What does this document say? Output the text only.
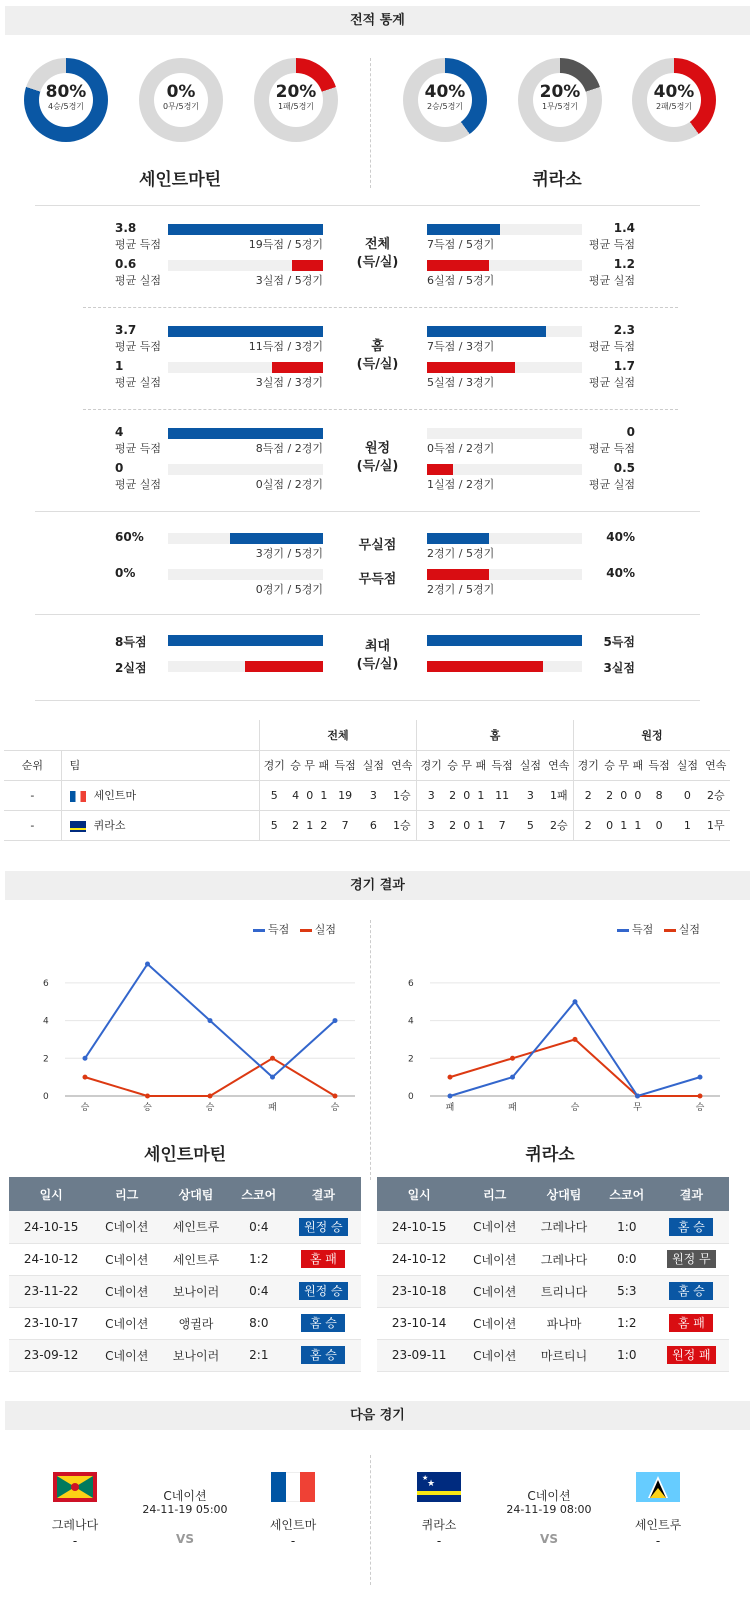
전적 통계
80%
4승/5경기
0%
0무/5경기
20%
1패/5경기
40%
2승/5경기
20%
1무/5경기
40%
2패/5경기
세인트마틴	퀴라소
3.8
평균 득점	19득점 / 5경기
1.4
평균 득점
7득점 / 5경기
0.6
평균 실점	3실점 / 5경기
1.2
평균 실점
6실점 / 5경기
전체
(득/실)
3.7
평균 득점	11득점 / 3경기
2.3
평균 득점
7득점 / 3경기
1
평균 실점	3실점 / 3경기
1.7
평균 실점
5실점 / 3경기
홈
(득/실)
4
평균 득점	8득점 / 2경기
0
평균 득점
0득점 / 2경기
0
평균 실점	0실점 / 2경기
0.5
평균 실점
1실점 / 2경기
원정
(득/실)
60%
3경기 / 5경기
40%
2경기 / 5경기
0%
0경기 / 5경기
40%
2경기 / 5경기
무실점
무득점
8득점	5득점
2실점	3실점
최대
(득/실)
		전체							홈							원정						
순위	팀	경기	승	무	패	득점	실점	연속	경기	승	무	패	득점	실점	연속	경기	승	무	패	득점	실점	연속
-	세인트마	5	4	0	1	19	3	1승	3	2	0	1	11	3	1패	2	2	0	0	8	0	2승
-	퀴라소	5	2	1	2	7	6	1승	3	2	0	1	7	5	2승	2	0	1	1	0	1	1무
경기 결과
득점 실점	득점 실점
0
2
4
6
승	승	승	패	승
0
2
4
6
패	패	승	무	승
세인트마틴	퀴라소
일시	리그	상대팀	스코어	결과
24-10-15	C네이션	세인트루	0:4	원정 승
24-10-12	C네이션	세인트루	1:2	홈 패
23-11-22	C네이션	보나이러	0:4	원정 승
23-10-17	C네이션	앵귈라	8:0	홈 승
23-09-12	C네이션	보나이러	2:1	홈 승
일시	리그	상대팀	스코어	결과
24-10-15	C네이션	그레나다	1:0	홈 승
24-10-12	C네이션	그레나다	0:0	원정 무
23-10-18	C네이션	트리니다	5:3	홈 승
23-10-14	C네이션	파나마	1:2	홈 패
23-09-11	C네이션	마르티니	1:0	원정 패
다음 경기
그레나다
-
C네이션
24-11-19 05:00
VS
세인트마
-
★
★
퀴라소
-
C네이션
24-11-19 08:00
VS
세인트루
-
